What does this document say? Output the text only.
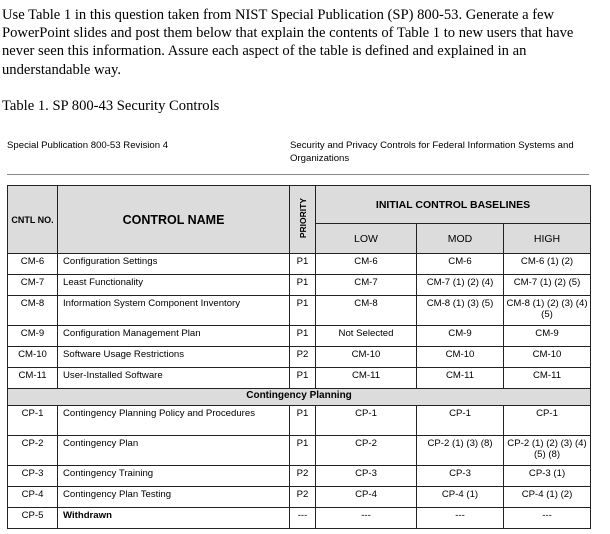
Use Table 1 in this question taken from NIST Special Publication (SP) 800-53. Generate a few PowerPoint slides and post them below that explain the contents of Table 1 to new users that have never seen this information. Assure each aspect of the table is defined and explained in an understandable way.
Table 1. SP 800-43 Security Controls
Special Publication 800-53 Revision 4	Security and Privacy Controls for Federal Information Systems and Organizations
CNTL NO.	CONTROL NAME	PRIORITY	INITIAL CONTROL BASELINES		
			LOW	MOD	HIGH
CM-6	Configuration Settings	P1	CM-6	CM-6	CM-6 (1) (2)
CM-7	Least Functionality	P1	CM-7	CM-7 (1) (2) (4)	CM-7 (1) (2) (5)
CM-8	Information System Component Inventory	P1	CM-8	CM-8 (1) (3) (5)	CM-8 (1) (2) (3) (4) (5)
CM-9	Configuration Management Plan	P1	Not Selected	CM-9	CM-9
CM-10	Software Usage Restrictions	P2	CM-10	CM-10	CM-10
CM-11	User-Installed Software	P1	CM-11	CM-11	CM-11
Contingency Planning					
CP-1	Contingency Planning Policy and Procedures	P1	CP-1	CP-1	CP-1
CP-2	Contingency Plan	P1	CP-2	CP-2 (1) (3) (8)	CP-2 (1) (2) (3) (4) (5) (8)
CP-3	Contingency Training	P2	CP-3	CP-3	CP-3 (1)
CP-4	Contingency Plan Testing	P2	CP-4	CP-4 (1)	CP-4 (1) (2)
CP-5	Withdrawn	---	---	---	---
